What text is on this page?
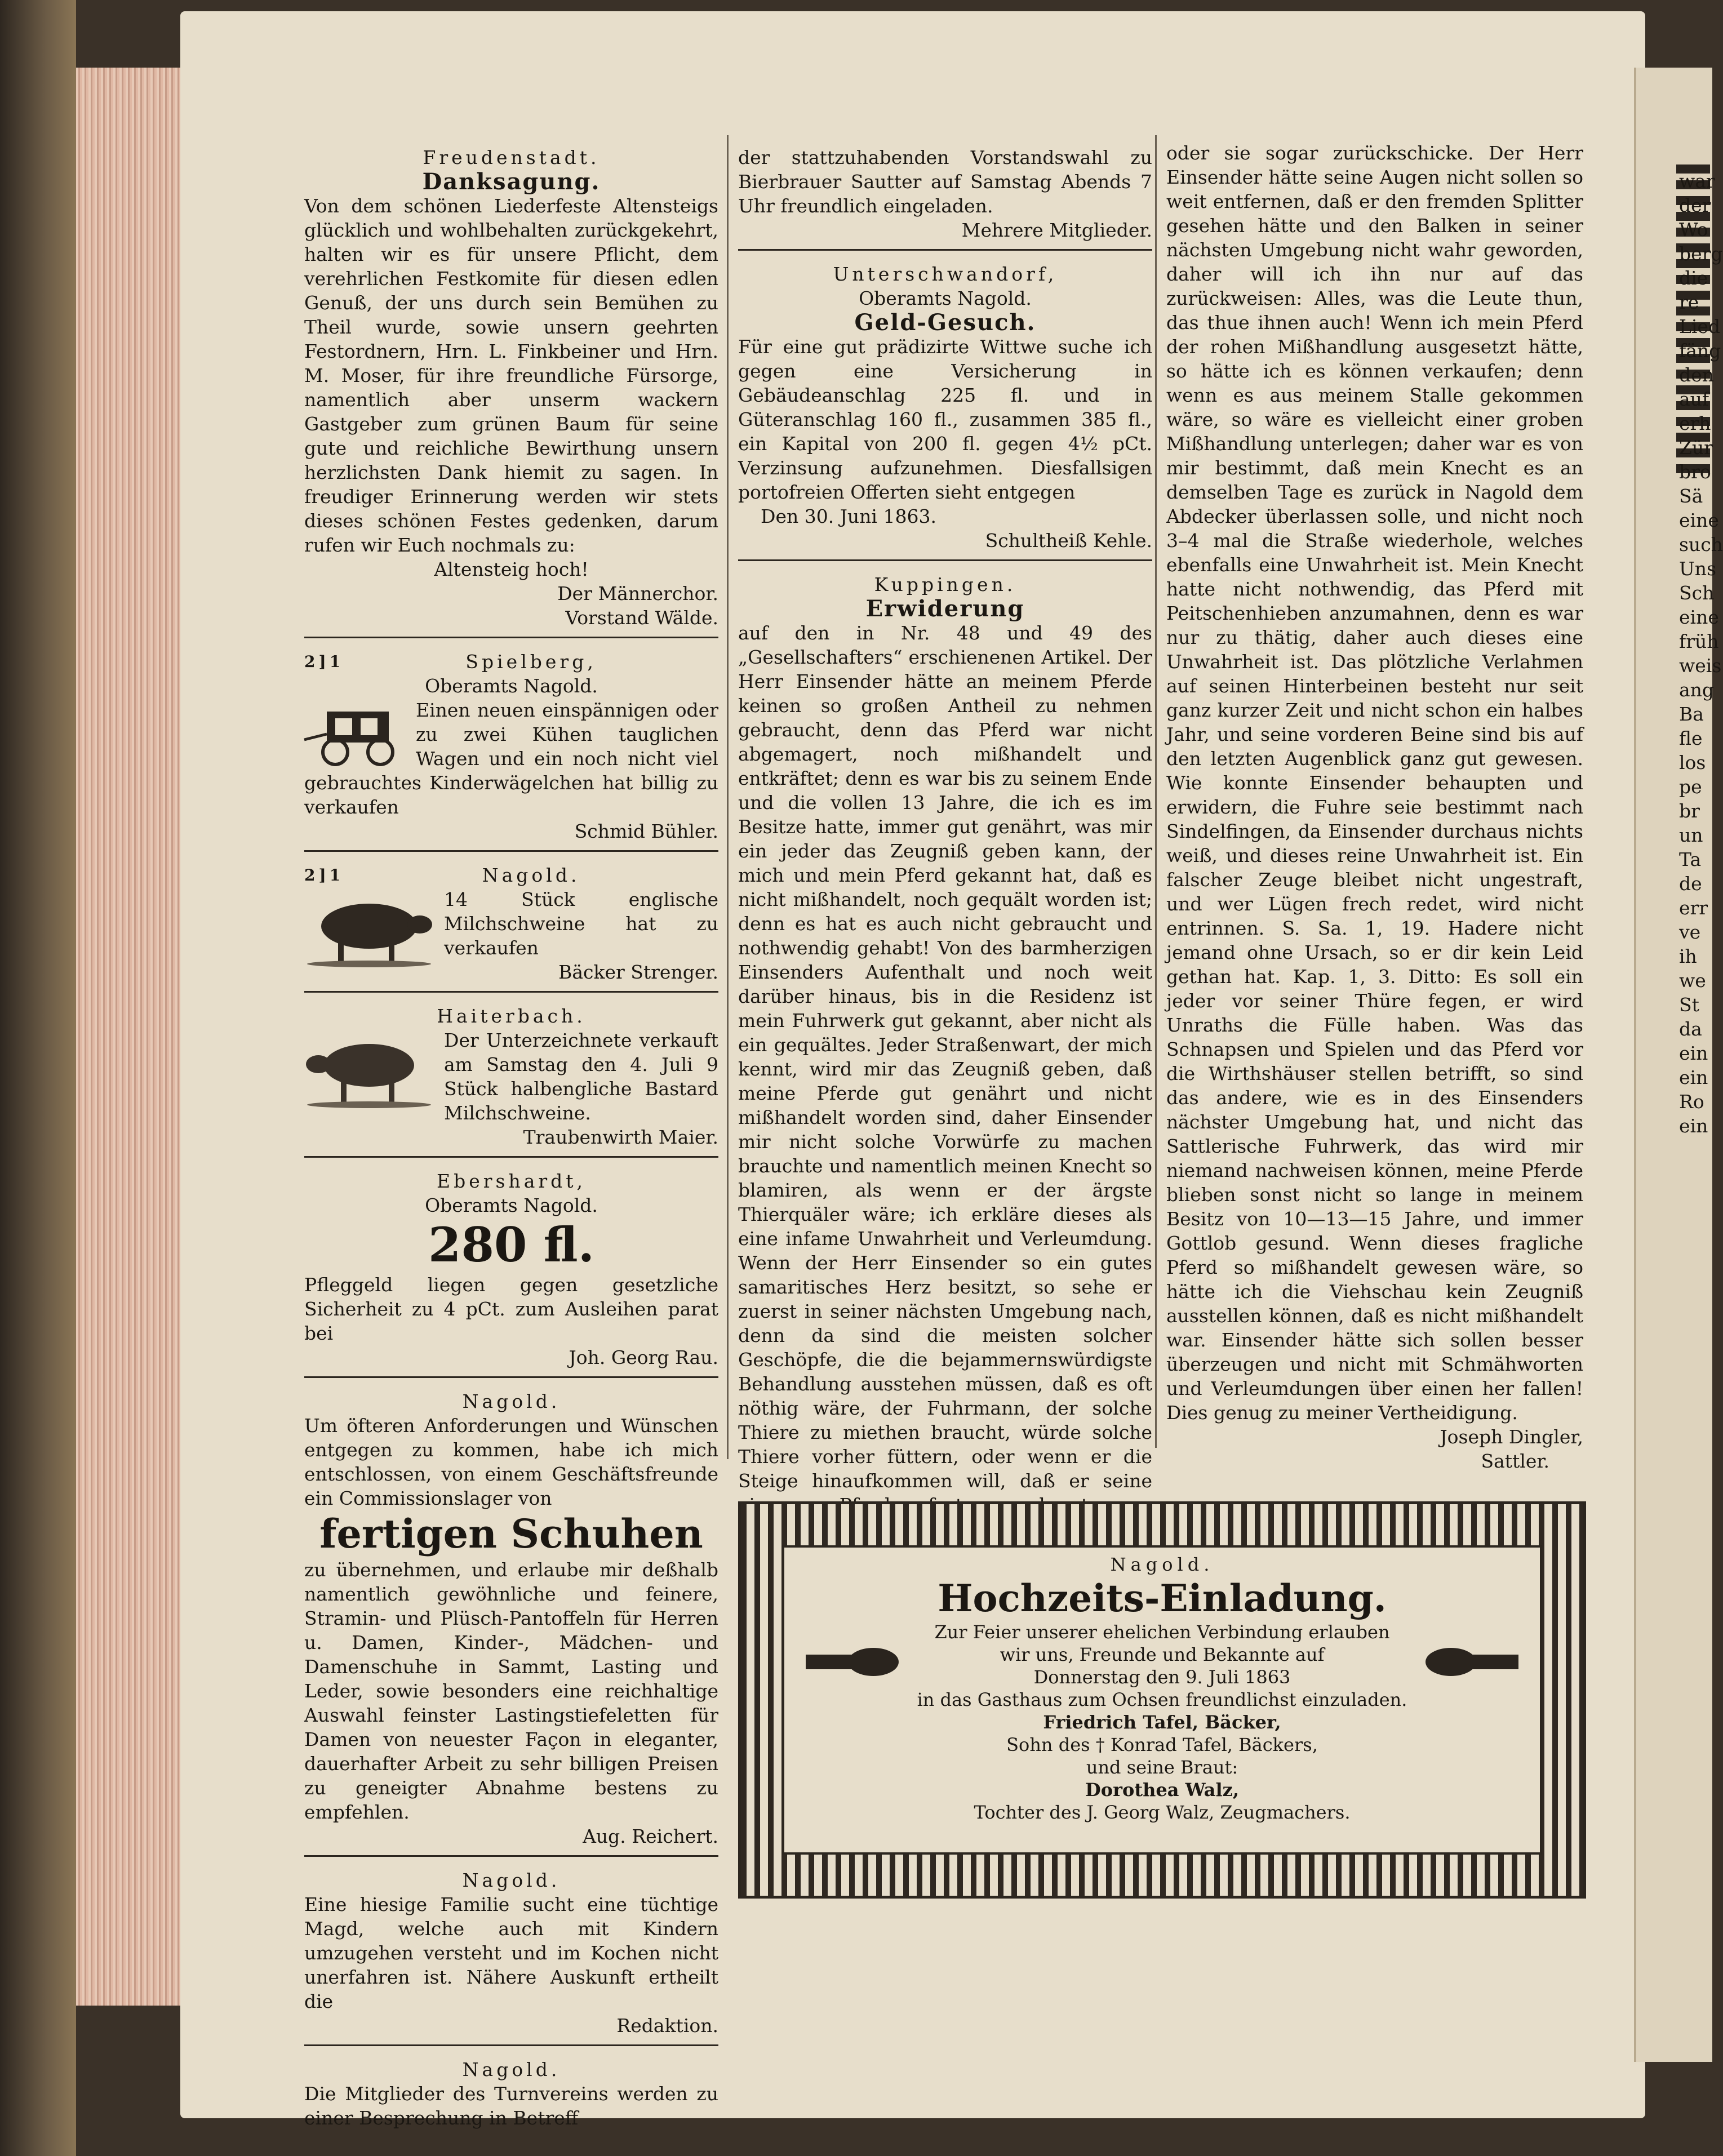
Freudenstadt.
Danksagung.

Von dem schönen Liederfeste Altensteigs glücklich und wohlbehalten zurückgekehrt, halten wir es für unsere Pflicht, dem verehrlichen Festkomite für diesen edlen Genuß, der uns durch sein Bemühen zu Theil wurde, sowie unsern geehrten Festordnern, Hrn. L. Finkbeiner und Hrn. M. Moser, für ihre freundliche Fürsorge, namentlich aber unserm wackern Gastgeber zum grünen Baum für seine gute und reichliche Bewirthung unsern herzlichsten Dank hiemit zu sagen. In freudiger Erinnerung werden wir stets dieses schönen Festes gedenken, darum rufen wir Euch nochmals zu:

Altensteig hoch!
Der Männerchor.
Vorstand Wälde.
2]1	Spielberg,
Oberamts Nagold.

Einen neuen einspännigen oder zu zwei Kühen tauglichen Wagen und ein noch nicht viel gebrauchtes Kinderwägelchen hat billig zu verkaufen

Schmid Bühler.
2]1	Nagold.

14 Stück englische Milchschweine hat zu verkaufen

Bäcker Strenger.
Haiterbach.

Der Unterzeichnete verkauft am Samstag den 4. Juli 9 Stück halbengliche Bastard Milchschweine.

Traubenwirth Maier.
Ebershardt,
Oberamts Nagold.
280 fl.

Pfleggeld liegen gegen gesetzliche Sicherheit zu 4 pCt. zum Ausleihen parat bei

Joh. Georg Rau.
Nagold.

Um öfteren Anforderungen und Wünschen entgegen zu kommen, habe ich mich entschlossen, von einem Geschäftsfreunde ein Commissionslager von

fertigen Schuhen

zu übernehmen, und erlaube mir deßhalb namentlich gewöhnliche und feinere, Stramin- und Plüsch-Pantoffeln für Herren u. Damen, Kinder-, Mädchen- und Damenschuhe in Sammt, Lasting und Leder, sowie besonders eine reichhaltige Auswahl feinster Lastingstiefeletten für Damen von neuester Façon in eleganter, dauerhafter Arbeit zu sehr billigen Preisen zu geneigter Abnahme bestens zu empfehlen.

Aug. Reichert.
Nagold.

Eine hiesige Familie sucht eine tüchtige Magd, welche auch mit Kindern umzugehen versteht und im Kochen nicht unerfahren ist. Nähere Auskunft ertheilt die

Redaktion.
Nagold.

Die Mitglieder des Turnvereins werden zu einer Besprechung in Betreff

der stattzuhabenden Vorstandswahl zu Bierbrauer Sautter auf Samstag Abends 7 Uhr freundlich eingeladen.

Mehrere Mitglieder.
Unterschwandorf,
Oberamts Nagold.
Geld-Gesuch.

Für eine gut prädizirte Wittwe suche ich gegen eine Versicherung in Gebäudeanschlag 225 fl. und in Güteranschlag 160 fl., zusammen 385 fl., ein Kapital von 200 fl. gegen 4½ pCt. Verzinsung aufzunehmen. Diesfallsigen portofreien Offerten sieht entgegen

Den 30. Juni 1863.
Schultheiß Kehle.
Kuppingen.
Erwiderung

auf den in Nr. 48 und 49 des „Gesellschafters“ erschienenen Artikel. Der Herr Einsender hätte an meinem Pferde keinen so großen Antheil zu nehmen gebraucht, denn das Pferd war nicht abgemagert, noch mißhandelt und entkräftet; denn es war bis zu seinem Ende und die vollen 13 Jahre, die ich es im Besitze hatte, immer gut genährt, was mir ein jeder das Zeugniß geben kann, der mich und mein Pferd gekannt hat, daß es nicht mißhandelt, noch gequält worden ist; denn es hat es auch nicht gebraucht und nothwendig gehabt! Von des barmherzigen Einsenders Aufenthalt und noch weit darüber hinaus, bis in die Residenz ist mein Fuhrwerk gut gekannt, aber nicht als ein gequältes. Jeder Straßenwart, der mich kennt, wird mir das Zeugniß geben, daß meine Pferde gut genährt und nicht mißhandelt worden sind, daher Einsender mir nicht solche Vorwürfe zu machen brauchte und namentlich meinen Knecht so blamiren, als wenn er der ärgste Thierquäler wäre; ich erkläre dieses als eine infame Unwahrheit und Verleumdung. Wenn der Herr Einsender so ein gutes samaritisches Herz besitzt, so sehe er zuerst in seiner nächsten Umgebung nach, denn da sind die meisten solcher Geschöpfe, die die bejammernswürdigste Behandlung ausstehen müssen, daß es oft nöthig wäre, der Fuhrmann, der solche Thiere zu miethen braucht, würde solche Thiere vorher füttern, oder wenn er die Steige hinaufkommen will, daß er seine

oder sie sogar zurückschicke. Der Herr Einsender hätte seine Augen nicht sollen so weit entfernen, daß er den fremden Splitter gesehen hätte und den Balken in seiner nächsten Umgebung nicht wahr geworden, daher will ich ihn nur auf das zurückweisen: Alles, was die Leute thun, das thue ihnen auch! Wenn ich mein Pferd der rohen Mißhandlung ausgesetzt hätte, so hätte ich es können verkaufen; denn wenn es aus meinem Stalle gekommen wäre, so wäre es vielleicht einer groben Mißhandlung unterlegen; daher war es von mir bestimmt, daß mein Knecht es an demselben Tage es zurück in Nagold dem Abdecker überlassen solle, und nicht noch 3–4 mal die Straße wiederhole, welches ebenfalls eine Unwahrheit ist. Mein Knecht hatte nicht nothwendig, das Pferd mit Peitschenhieben anzumahnen, denn es war nur zu thätig, daher auch dieses eine Unwahrheit ist. Das plötzliche Verlahmen auf seinen Hinterbeinen besteht nur seit ganz kurzer Zeit und nicht schon ein halbes Jahr, und seine vorderen Beine sind bis auf den letzten Augenblick ganz gut gewesen. Wie konnte Einsender behaupten und erwidern, die Fuhre seie bestimmt nach Sindelfingen, da Einsender durchaus nichts weiß, und dieses reine Unwahrheit ist. Ein falscher Zeuge bleibet nicht ungestraft, und wer Lügen frech redet, wird nicht entrinnen. S. Sa. 1, 19. Hadere nicht jemand ohne Ursach, so er dir kein Leid gethan hat. Kap. 1, 3. Ditto: Es soll ein jeder vor seiner Thüre fegen, er wird Unraths die Fülle haben. Was das Schnapsen und Spielen und das Pferd vor die Wirthshäuser stellen betrifft, so sind das andere, wie es in des Einsenders nächster Umgebung hat, und nicht das Sattlerische Fuhrwerk, das wird mir niemand nachweisen können, meine Pferde blieben sonst nicht so lange in meinem Besitz von 10—13—15 Jahre, und immer Gottlob gesund. Wenn dieses fragliche Pferd so mißhandelt gewesen wäre, so hätte ich die Viehschau kein Zeugniß ausstellen können, daß es nicht mißhandelt war. Einsender hätte sich sollen besser überzeugen und nicht mit Schmähworten und Verleumdungen über einen her fallen! Dies genug zu meiner Vertheidigung.

Joseph Dingler,
Sattler.
Nagold.
Hochzeits-Einladung.
Zur Feier unserer ehelichen Verbindung erlauben wir uns, Freunde und Bekannte auf
Donnerstag den 9. Juli 1863
in das Gasthaus zum Ochsen freundlichst einzuladen.
Friedrich Tafel, Bäcker,
Sohn des † Konrad Tafel, Bäckers,
und seine Braut:
Dorothea Walz,
Tochter des J. Georg Walz, Zeugmachers.
war
der
Wo
berg
die
re
Lied
fäng
den
auf
erh
Zür
bro
Sä
eine
such
Uns
Sch
eine
früh
weis
ang
Ba
fle
los
pe
br
un
Ta
de
err
ve
ih
we
St
da
ein
ein
Ro
ein
